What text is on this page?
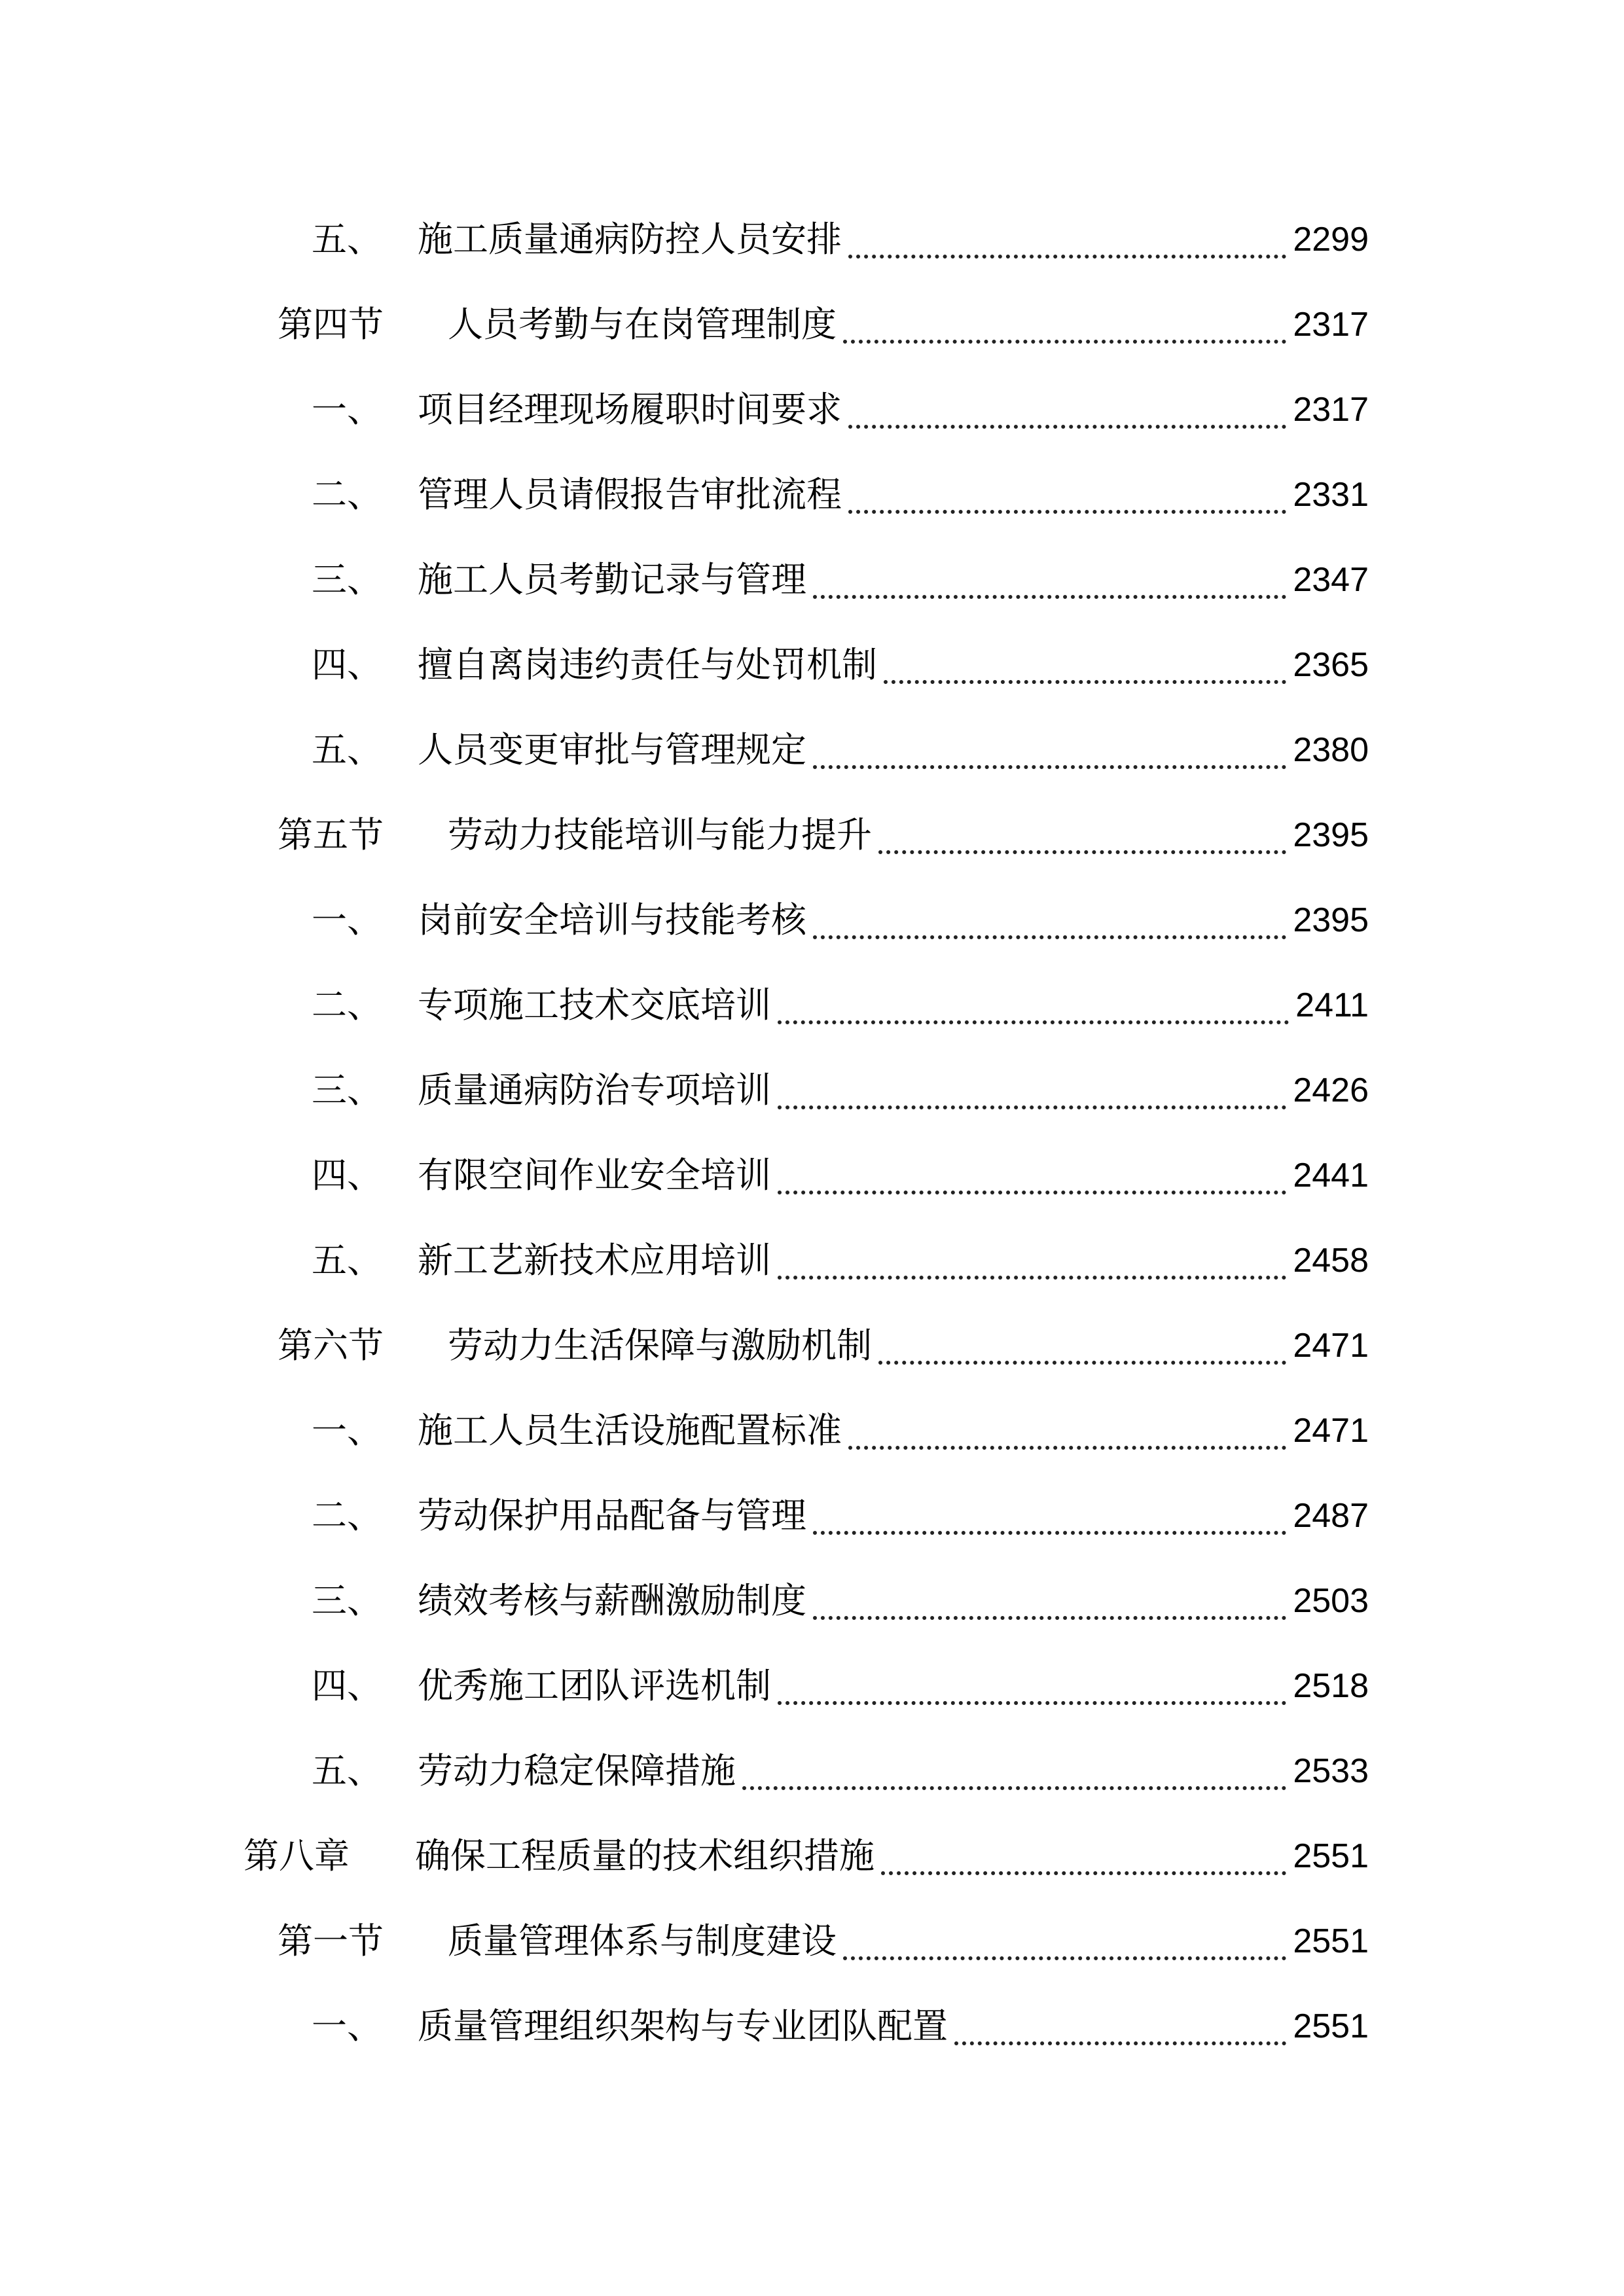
五、	施工质量通病防控人员安排	2299
第四节	人员考勤与在岗管理制度	2317
一、	项目经理现场履职时间要求	2317
二、	管理人员请假报告审批流程	2331
三、	施工人员考勤记录与管理	2347
四、	擅自离岗违约责任与处罚机制	2365
五、	人员变更审批与管理规定	2380
第五节	劳动力技能培训与能力提升	2395
一、	岗前安全培训与技能考核	2395
二、	专项施工技术交底培训	2411
三、	质量通病防治专项培训	2426
四、	有限空间作业安全培训	2441
五、	新工艺新技术应用培训	2458
第六节	劳动力生活保障与激励机制	2471
一、	施工人员生活设施配置标准	2471
二、	劳动保护用品配备与管理	2487
三、	绩效考核与薪酬激励制度	2503
四、	优秀施工团队评选机制	2518
五、	劳动力稳定保障措施	2533
第八章	确保工程质量的技术组织措施	2551
第一节	质量管理体系与制度建设	2551
一、	质量管理组织架构与专业团队配置	2551
